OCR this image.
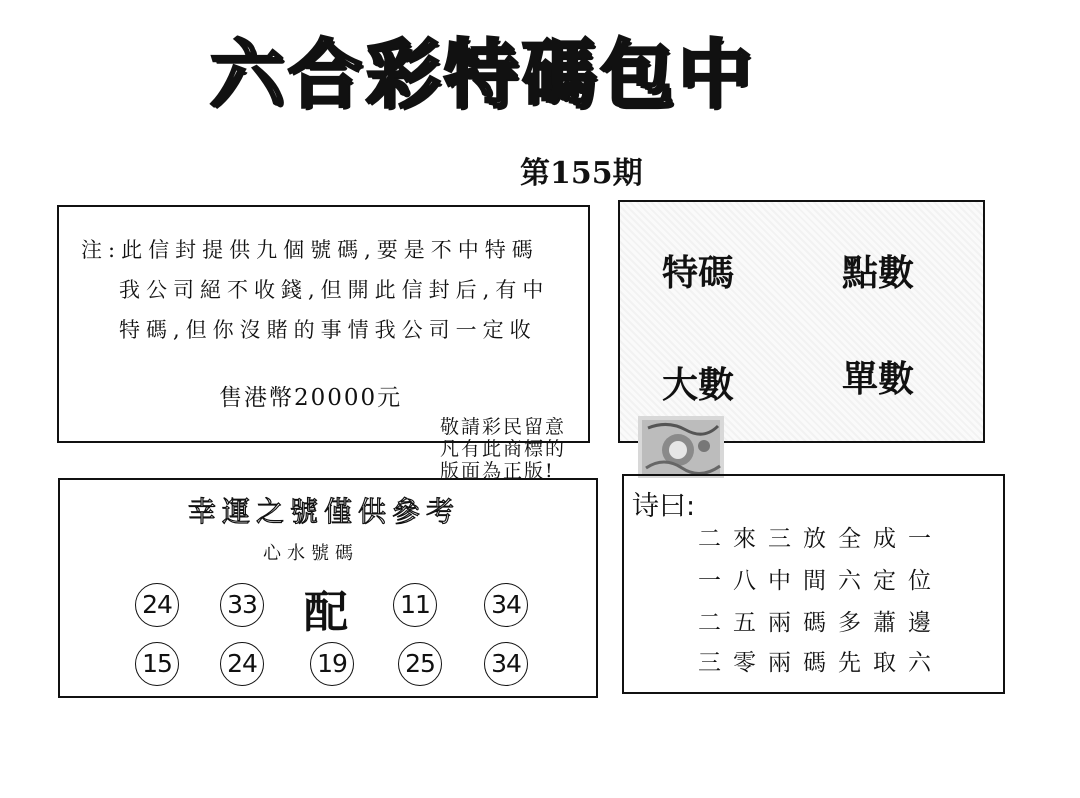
六合彩特碼包中
第155期
注:此信封提供九個號碼,要是不中特碼
我公司絕不收錢,但開此信封后,有中
特碼,但你沒賭的事情我公司一定收
售港幣20000元
特碼	點數
大數	單數
敬請彩民留意
凡有此商標的
版面為正版!
幸運之號僅供參考
心水號碼
24 33 配 11 34
15 24 19 25 34
诗曰:
二來三放全成一
一八中間六定位
二五兩碼多蕭邊
三零兩碼先取六
